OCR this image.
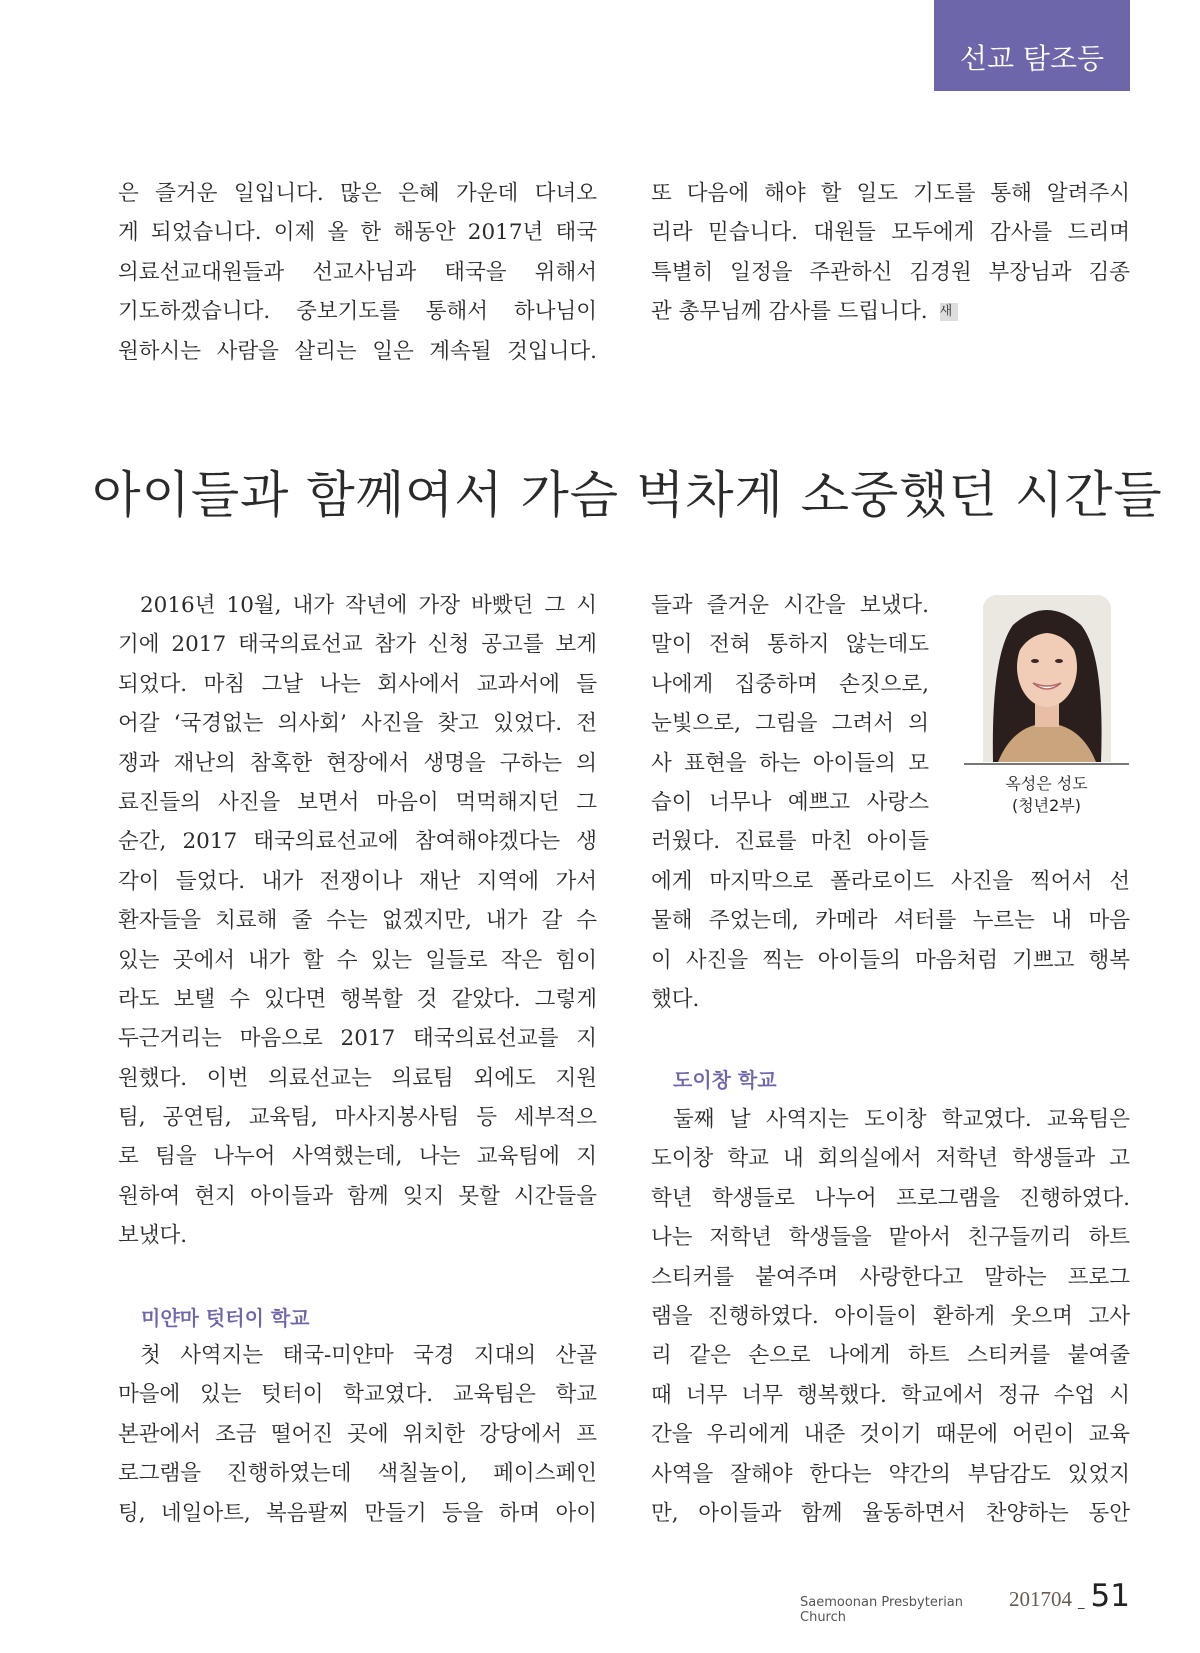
선교 탐조등
은 즐거운 일입니다. 많은 은혜 가운데 다녀오
게 되었습니다. 이제 올 한 해동안 2017년 태국
의료선교대원들과 선교사님과 태국을 위해서
기도하겠습니다. 중보기도를 통해서 하나님이
원하시는 사람을 살리는 일은 계속될 것입니다.
또 다음에 해야 할 일도 기도를 통해 알려주시
리라 믿습니다. 대원들 모두에게 감사를 드리며
특별히 일정을 주관하신 김경원 부장님과 김종
관 총무님께 감사를 드립니다. 새
아이들과 함께여서 가슴 벅차게 소중했던 시간들
2016년 10월, 내가 작년에 가장 바빴던 그 시
기에 2017 태국의료선교 참가 신청 공고를 보게
되었다. 마침 그날 나는 회사에서 교과서에 들
어갈 ‘국경없는 의사회’ 사진을 찾고 있었다. 전
쟁과 재난의 참혹한 현장에서 생명을 구하는 의
료진들의 사진을 보면서 마음이 먹먹해지던 그
순간, 2017 태국의료선교에 참여해야겠다는 생
각이 들었다. 내가 전쟁이나 재난 지역에 가서
환자들을 치료해 줄 수는 없겠지만, 내가 갈 수
있는 곳에서 내가 할 수 있는 일들로 작은 힘이
라도 보탤 수 있다면 행복할 것 같았다. 그렇게
두근거리는 마음으로 2017 태국의료선교를 지
원했다. 이번 의료선교는 의료팀 외에도 지원
팀, 공연팀, 교육팀, 마사지봉사팀 등 세부적으
로 팀을 나누어 사역했는데, 나는 교육팀에 지
원하여 현지 아이들과 함께 잊지 못할 시간들을
보냈다.
미얀마 텃터이 학교
첫 사역지는 태국-미얀마 국경 지대의 산골
마을에 있는 텃터이 학교였다. 교육팀은 학교
본관에서 조금 떨어진 곳에 위치한 강당에서 프
로그램을 진행하였는데 색칠놀이, 페이스페인
팅, 네일아트, 복음팔찌 만들기 등을 하며 아이
들과 즐거운 시간을 보냈다.
말이 전혀 통하지 않는데도
나에게 집중하며 손짓으로,
눈빛으로, 그림을 그려서 의
사 표현을 하는 아이들의 모
습이 너무나 예쁘고 사랑스
러웠다. 진료를 마친 아이들
에게 마지막으로 폴라로이드 사진을 찍어서 선
물해 주었는데, 카메라 셔터를 누르는 내 마음
이 사진을 찍는 아이들의 마음처럼 기쁘고 행복
했다.
도이창 학교
둘째 날 사역지는 도이창 학교였다. 교육팀은
도이창 학교 내 회의실에서 저학년 학생들과 고
학년 학생들로 나누어 프로그램을 진행하였다.
나는 저학년 학생들을 맡아서 친구들끼리 하트
스티커를 붙여주며 사랑한다고 말하는 프로그
램을 진행하였다. 아이들이 환하게 웃으며 고사
리 같은 손으로 나에게 하트 스티커를 붙여줄
때 너무 너무 행복했다. 학교에서 정규 수업 시
간을 우리에게 내준 것이기 때문에 어린이 교육
사역을 잘해야 한다는 약간의 부담감도 있었지
만, 아이들과 함께 율동하면서 찬양하는 동안
옥성은 성도
(청년2부)
Saemoonan Presbyterian Church
201704 _ 51
